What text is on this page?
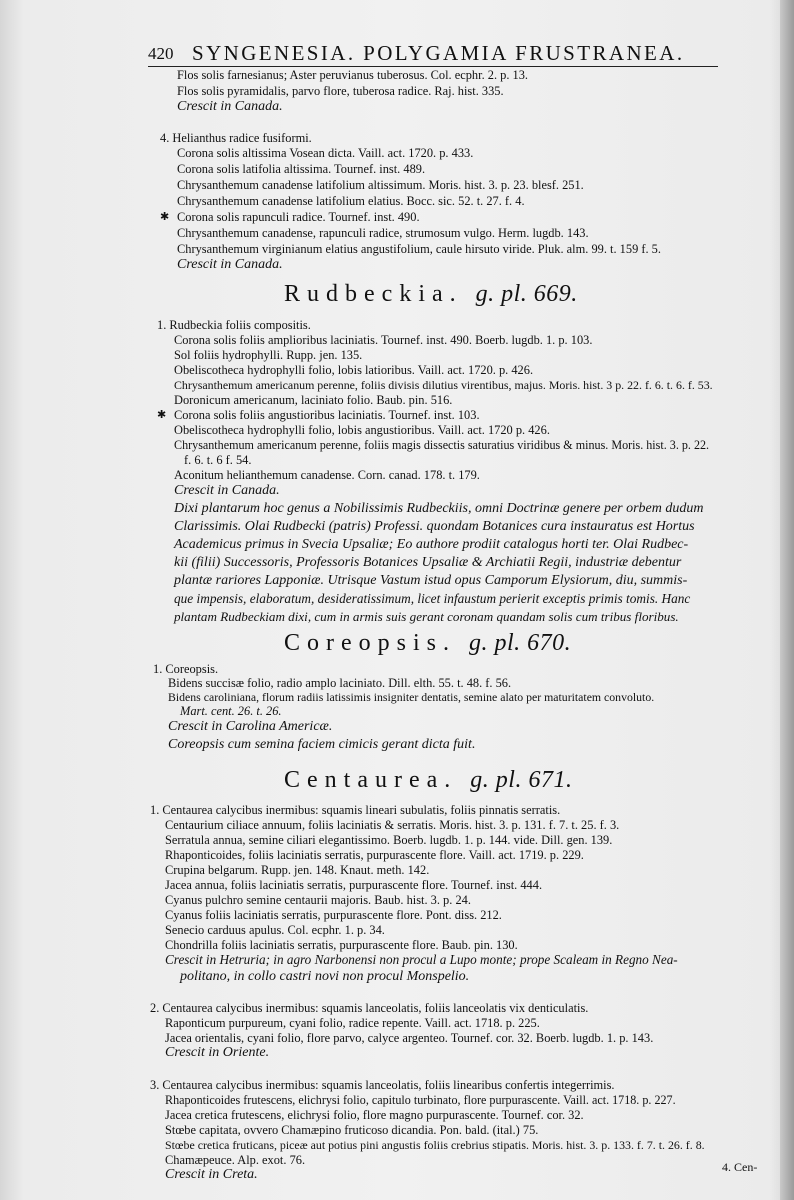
420 SYNGENESIA. POLYGAMIA FRUSTRANEA.
Flos solis farnesianus; Aster peruvianus tuberosus. Col. ecphr. 2. p. 13.
Flos solis pyramidalis, parvo flore, tuberosa radice. Raj. hist. 335.
Crescit in Canada.
4. Helianthus radice fusiformi.
Corona solis altissima Vosean dicta. Vaill. act. 1720. p. 433.
Corona solis latifolia altissima. Tournef. inst. 489.
Chrysanthemum canadense latifolium altissimum. Moris. hist. 3. p. 23. blesf. 251.
Chrysanthemum canadense latifolium elatius. Bocc. sic. 52. t. 27. f. 4.
✱ Corona solis rapunculi radice. Tournef. inst. 490.
Chrysanthemum canadense, rapunculi radice, strumosum vulgo. Herm. lugdb. 143.
Chrysanthemum virginianum elatius angustifolium, caule hirsuto viride. Pluk. alm. 99. t. 159 f. 5.
Crescit in Canada.
Rudbeckia. g. pl. 669.
1. Rudbeckia foliis compositis.
Corona solis foliis amplioribus laciniatis. Tournef. inst. 490. Boerb. lugdb. 1. p. 103.
Sol foliis hydrophylli. Rupp. jen. 135.
Obeliscotheca hydrophylli folio, lobis latioribus. Vaill. act. 1720. p. 426.
Chrysanthemum americanum perenne, foliis divisis dilutius virentibus, majus. Moris. hist. 3 p. 22. f. 6. t. 6. f. 53.
Doronicum americanum, laciniato folio. Baub. pin. 516.
✱ Corona solis foliis angustioribus laciniatis. Tournef. inst. 103.
Obeliscotheca hydrophylli folio, lobis angustioribus. Vaill. act. 1720 p. 426.
Chrysanthemum americanum perenne, foliis magis dissectis saturatius viridibus & minus. Moris. hist. 3. p. 22.
f. 6. t. 6 f. 54.
Aconitum helianthemum canadense. Corn. canad. 178. t. 179.
Crescit in Canada.
Dixi plantarum hoc genus a Nobilissimis Rudbeckiis, omni Doctrinæ genere per orbem dudum
Clarissimis. Olai Rudbecki (patris) Professi. quondam Botanices cura instauratus est Hortus
Academicus primus in Svecia Upsaliæ; Eo authore prodiit catalogus horti ter. Olai Rudbec-
kii (filii) Successoris, Professoris Botanices Upsaliæ & Archiatii Regii, industriæ debentur
plantæ rariores Lapponiæ. Utrisque Vastum istud opus Camporum Elysiorum, diu, summis-
que impensis, elaboratum, desideratissimum, licet infaustum perierit exceptis primis tomis. Hanc
plantam Rudbeckiam dixi, cum in armis suis gerant coronam quandam solis cum tribus floribus.
Coreopsis. g. pl. 670.
1. Coreopsis.
Bidens succisæ folio, radio amplo laciniato. Dill. elth. 55. t. 48. f. 56.
Bidens caroliniana, florum radiis latissimis insigniter dentatis, semine alato per maturitatem convoluto.
Mart. cent. 26. t. 26.
Crescit in Carolina Americæ.
Coreopsis cum semina faciem cimicis gerant dicta fuit.
Centaurea. g. pl. 671.
1. Centaurea calycibus inermibus: squamis lineari subulatis, foliis pinnatis serratis.
Centaurium ciliace annuum, foliis laciniatis & serratis. Moris. hist. 3. p. 131. f. 7. t. 25. f. 3.
Serratula annua, semine ciliari elegantissimo. Boerb. lugdb. 1. p. 144. vide. Dill. gen. 139.
Rhaponticoides, foliis laciniatis serratis, purpurascente flore. Vaill. act. 1719. p. 229.
Crupina belgarum. Rupp. jen. 148. Knaut. meth. 142.
Jacea annua, foliis laciniatis serratis, purpurascente flore. Tournef. inst. 444.
Cyanus pulchro semine centaurii majoris. Baub. hist. 3. p. 24.
Cyanus foliis laciniatis serratis, purpurascente flore. Pont. diss. 212.
Senecio carduus apulus. Col. ecphr. 1. p. 34.
Chondrilla foliis laciniatis serratis, purpurascente flore. Baub. pin. 130.
Crescit in Hetruria; in agro Narbonensi non procul a Lupo monte; prope Scaleam in Regno Nea-
politano, in collo castri novi non procul Monspelio.
2. Centaurea calycibus inermibus: squamis lanceolatis, foliis lanceolatis vix denticulatis.
Raponticum purpureum, cyani folio, radice repente. Vaill. act. 1718. p. 225.
Jacea orientalis, cyani folio, flore parvo, calyce argenteo. Tournef. cor. 32. Boerb. lugdb. 1. p. 143.
Crescit in Oriente.
3. Centaurea calycibus inermibus: squamis lanceolatis, foliis linearibus confertis integerrimis.
Rhaponticoides frutescens, elichrysi folio, capitulo turbinato, flore purpurascente. Vaill. act. 1718. p. 227.
Jacea cretica frutescens, elichrysi folio, flore magno purpurascente. Tournef. cor. 32.
Stœbe capitata, ovvero Chamæpino fruticoso dicandia. Pon. bald. (ital.) 75.
Stœbe cretica fruticans, piceæ aut potius pini angustis foliis crebrius stipatis. Moris. hist. 3. p. 133. f. 7. t. 26. f. 8.
Chamæpeuce. Alp. exot. 76.
Crescit in Creta.	4. Cen-
